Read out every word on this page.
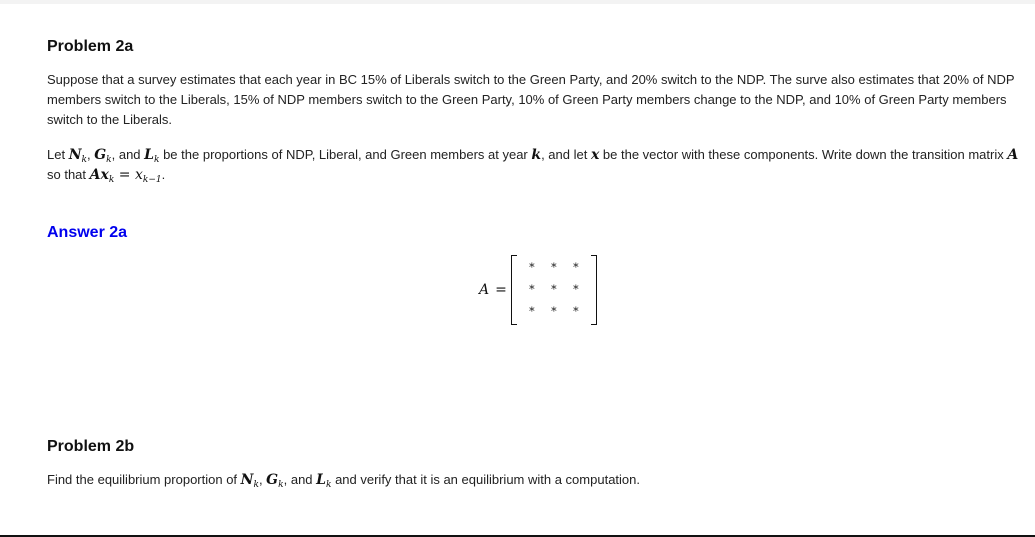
Problem 2a

Suppose that a survey estimates that each year in BC 15% of Liberals switch to the Green Party, and 20% switch to the NDP. The surve also estimates that 20% of NDP members switch to the Liberals, 15% of NDP members switch to the Green Party, 10% of Green Party members change to the NDP, and 10% of Green Party members switch to the Liberals.

Let $N_k$, $G_k$, and $L_k$ be the proportions of NDP, Liberal, and Green members at year k, and let x be the vector with these components. Write down the transition matrix A so that $Ax_k = x_{k-1}$.

Answer 2a
A =
*	*	*
*	*	*
*	*	*
Problem 2b

Find the equilibrium proportion of $N_k$, $G_k$, and $L_k$ and verify that it is an equilibrium with a computation.
